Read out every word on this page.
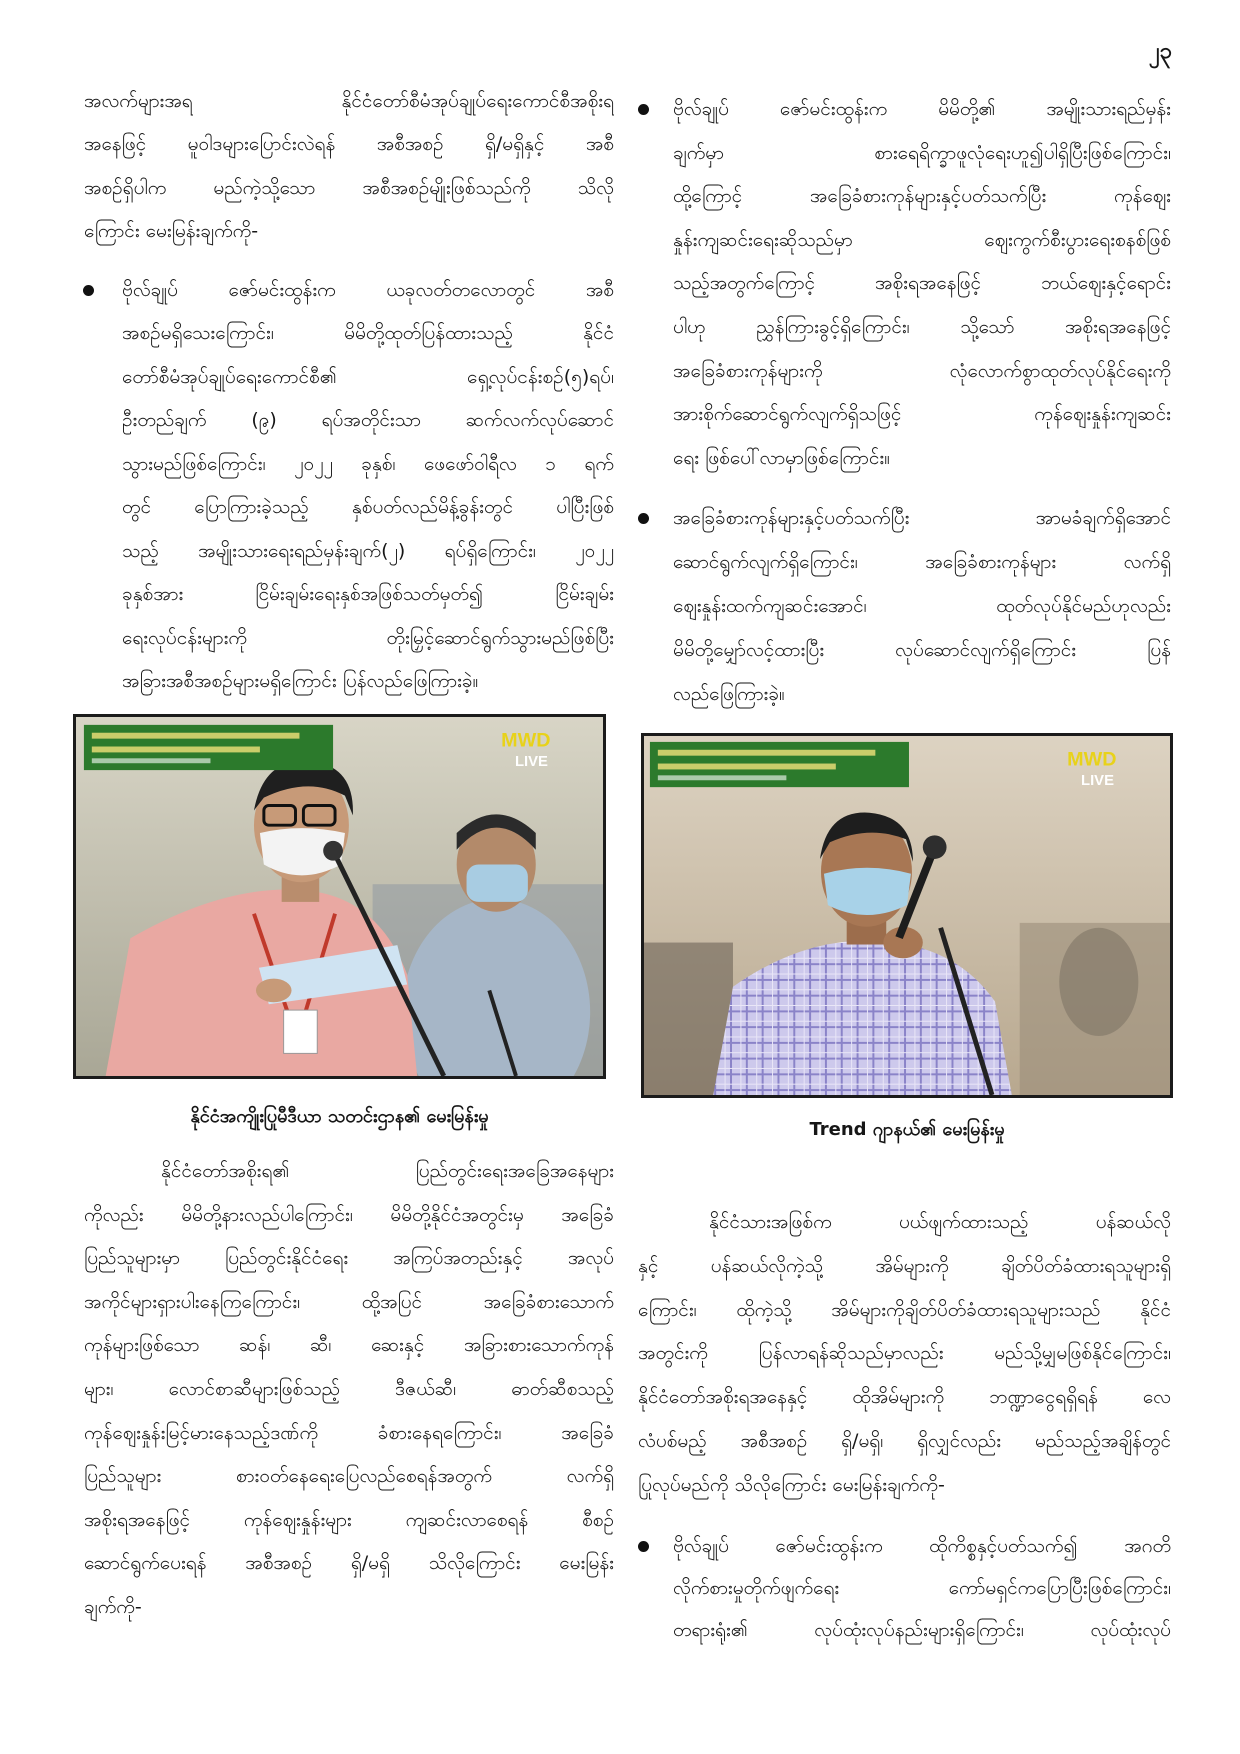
၂၃
အလက်များအရ နိုင်ငံတော်စီမံအုပ်ချုပ်ရေးကောင်စီအစိုးရ
အနေဖြင့် မူဝါဒများပြောင်းလဲရန် အစီအစဉ် ရှိ/မရှိနှင့် အစီ
အစဉ်ရှိပါက မည်ကဲ့သို့သော အစီအစဉ်မျိုးဖြစ်သည်ကို သိလို
ကြောင်း မေးမြန်းချက်ကို-
ဗိုလ်ချုပ် ဇော်မင်းထွန်းက ယခုလတ်တလောတွင် အစီ
အစဉ်မရှိသေးကြောင်း၊ မိမိတို့ထုတ်ပြန်ထားသည့် နိုင်ငံ
တော်စီမံအုပ်ချုပ်ရေးကောင်စီ၏ ရှေ့လုပ်ငန်းစဉ်(၅)ရပ်၊
ဦးတည်ချက် (၉) ရပ်အတိုင်းသာ ဆက်လက်လုပ်ဆောင်
သွားမည်ဖြစ်ကြောင်း၊ ၂၀၂၂ ခုနှစ်၊ ဖေဖော်ဝါရီလ ၁ ရက်
တွင် ပြောကြားခဲ့သည့် နှစ်ပတ်လည်မိန့်ခွန်းတွင် ပါပြီးဖြစ်
သည့် အမျိုးသားရေးရည်မှန်းချက်(၂) ရပ်ရှိကြောင်း၊ ၂၀၂၂
ခုနှစ်အား ငြိမ်းချမ်းရေးနှစ်အဖြစ်သတ်မှတ်၍ ငြိမ်းချမ်း
ရေးလုပ်ငန်းများကို တိုးမြှင့်ဆောင်ရွက်သွားမည်ဖြစ်ပြီး
အခြားအစီအစဉ်များမရှိကြောင်း ပြန်လည်ဖြေကြားခဲ့။
MWD
LIVE
နိုင်ငံအကျိုးပြုမီဒီယာ သတင်းဌာန၏ မေးမြန်းမှု
နိုင်ငံတော်အစိုးရ၏ ပြည်တွင်းရေးအခြေအနေများ
ကိုလည်း မိမိတို့နားလည်ပါကြောင်း၊ မိမိတို့နိုင်ငံအတွင်းမှ အခြေခံ
ပြည်သူများမှာ ပြည်တွင်းနိုင်ငံရေး အကြပ်အတည်းနှင့် အလုပ်
အကိုင်များရှားပါးနေကြကြောင်း၊ ထို့အပြင် အခြေခံစားသောက်
ကုန်များဖြစ်သော ဆန်၊ ဆီ၊ ဆေးနှင့် အခြားစားသောက်ကုန်
များ၊ လောင်စာဆီများဖြစ်သည့် ဒီဇယ်ဆီ၊ ဓာတ်ဆီစသည့်
ကုန်ဈေးနှုန်းမြင့်မားနေသည့်ဒဏ်ကို ခံစားနေရကြောင်း၊ အခြေခံ
ပြည်သူများ စားဝတ်နေရေးပြေလည်စေရန်အတွက် လက်ရှိ
အစိုးရအနေဖြင့် ကုန်ဈေးနှုန်းများ ကျဆင်းလာစေရန် စီစဉ်
ဆောင်ရွက်ပေးရန် အစီအစဉ် ရှိ/မရှိ သိလိုကြောင်း မေးမြန်း
ချက်ကို-
ဗိုလ်ချုပ် ဇော်မင်းထွန်းက မိမိတို့၏ အမျိုးသားရည်မှန်း
ချက်မှာ စားရေရိက္ခာဖူလုံရေးဟူ၍ပါရှိပြီးဖြစ်ကြောင်း၊
ထို့ကြောင့် အခြေခံစားကုန်များနှင့်ပတ်သက်ပြီး ကုန်ဈေး
နှုန်းကျဆင်းရေးဆိုသည်မှာ ဈေးကွက်စီးပွားရေးစနစ်ဖြစ်
သည့်အတွက်ကြောင့် အစိုးရအနေဖြင့် ဘယ်ဈေးနှင့်ရောင်း
ပါဟု ညွှန်ကြားခွင့်ရှိကြောင်း၊ သို့သော် အစိုးရအနေဖြင့်
အခြေခံစားကုန်များကို လုံလောက်စွာထုတ်လုပ်နိုင်ရေးကို
အားစိုက်ဆောင်ရွက်လျက်ရှိသဖြင့် ကုန်ဈေးနှုန်းကျဆင်း
ရေး ဖြစ်ပေါ်လာမှာဖြစ်ကြောင်း။
အခြေခံစားကုန်များနှင့်ပတ်သက်ပြီး အာမခံချက်ရှိအောင်
ဆောင်ရွက်လျက်ရှိကြောင်း၊ အခြေခံစားကုန်များ လက်ရှိ
ဈေးနှုန်းထက်ကျဆင်းအောင်၊ ထုတ်လုပ်နိုင်မည်ဟုလည်း
မိမိတို့မျှော်လင့်ထားပြီး လုပ်ဆောင်လျက်ရှိကြောင်း ပြန်
လည်ဖြေကြားခဲ့။
MWD
LIVE
Trend ဂျာနယ်၏ မေးမြန်းမှု
နိုင်ငံသားအဖြစ်က ပယ်ဖျက်ထားသည့် ပန်ဆယ်လို
နှင့် ပန်ဆယ်လိုကဲ့သို့ အိမ်များကို ချိတ်ပိတ်ခံထားရသူများရှိ
ကြောင်း၊ ထိုကဲ့သို့ အိမ်များကိုချိတ်ပိတ်ခံထားရသူများသည် နိုင်ငံ
အတွင်းကို ပြန်လာရန်ဆိုသည်မှာလည်း မည်သို့မျှမဖြစ်နိုင်ကြောင်း၊
နိုင်ငံတော်အစိုးရအနေနှင့် ထိုအိမ်များကို ဘဏ္ဍာငွေရရှိရန် လေ
လံပစ်မည့် အစီအစဉ် ရှိ/မရှိ၊ ရှိလျှင်လည်း မည်သည့်အချိန်တွင်
ပြုလုပ်မည်ကို သိလိုကြောင်း မေးမြန်းချက်ကို-
ဗိုလ်ချုပ် ဇော်မင်းထွန်းက ထိုကိစ္စနှင့်ပတ်သက်၍ အဂတိ
လိုက်စားမှုတိုက်ဖျက်ရေး ကော်မရှင်ကပြောပြီးဖြစ်ကြောင်း၊
တရားရုံး၏ လုပ်ထုံးလုပ်နည်းများရှိကြောင်း၊ လုပ်ထုံးလုပ်
